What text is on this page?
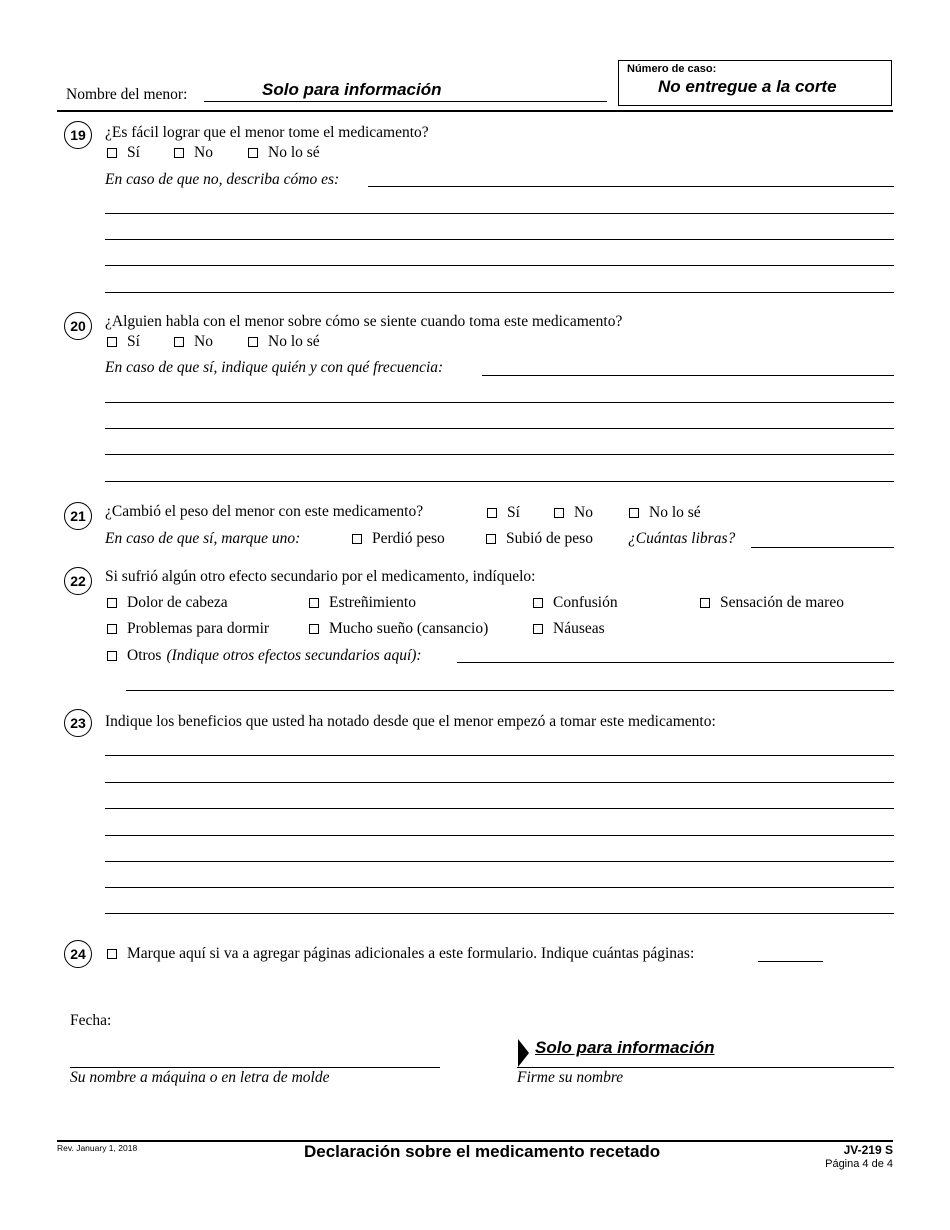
Nombre del menor:	Solo para información
Número de caso:
No entregue a la corte
19	¿Es fácil lograr que el menor tome el medicamento?
Sí	No	No lo sé
En caso de que no, describa cómo es:
20	¿Alguien habla con el menor sobre cómo se siente cuando toma este medicamento?
Sí	No	No lo sé
En caso de que sí, indique quién y con qué frecuencia:
21	¿Cambió el peso del menor con este medicamento?	Sí	No	No lo sé
En caso de que sí, marque uno:	Perdió peso	Subió de peso ¿Cuántas libras?
22	Si sufrió algún otro efecto secundario por el medicamento, indíquelo:
Dolor de cabeza	Estreñimiento	Confusión	Sensación de mareo
Problemas para dormir	Mucho sueño (cansancio)	Náuseas
Otros (Indique otros efectos secundarios aquí):
23	Indique los beneficios que usted ha notado desde que el menor empezó a tomar este medicamento:
24	Marque aquí si va a agregar páginas adicionales a este formulario. Indique cuántas páginas:
Fecha:
Su nombre a máquina o en letra de molde
Solo para información
Firme su nombre
Rev. January 1, 2018	Declaración sobre el medicamento recetado	JV-219 S
Página 4 de 4
